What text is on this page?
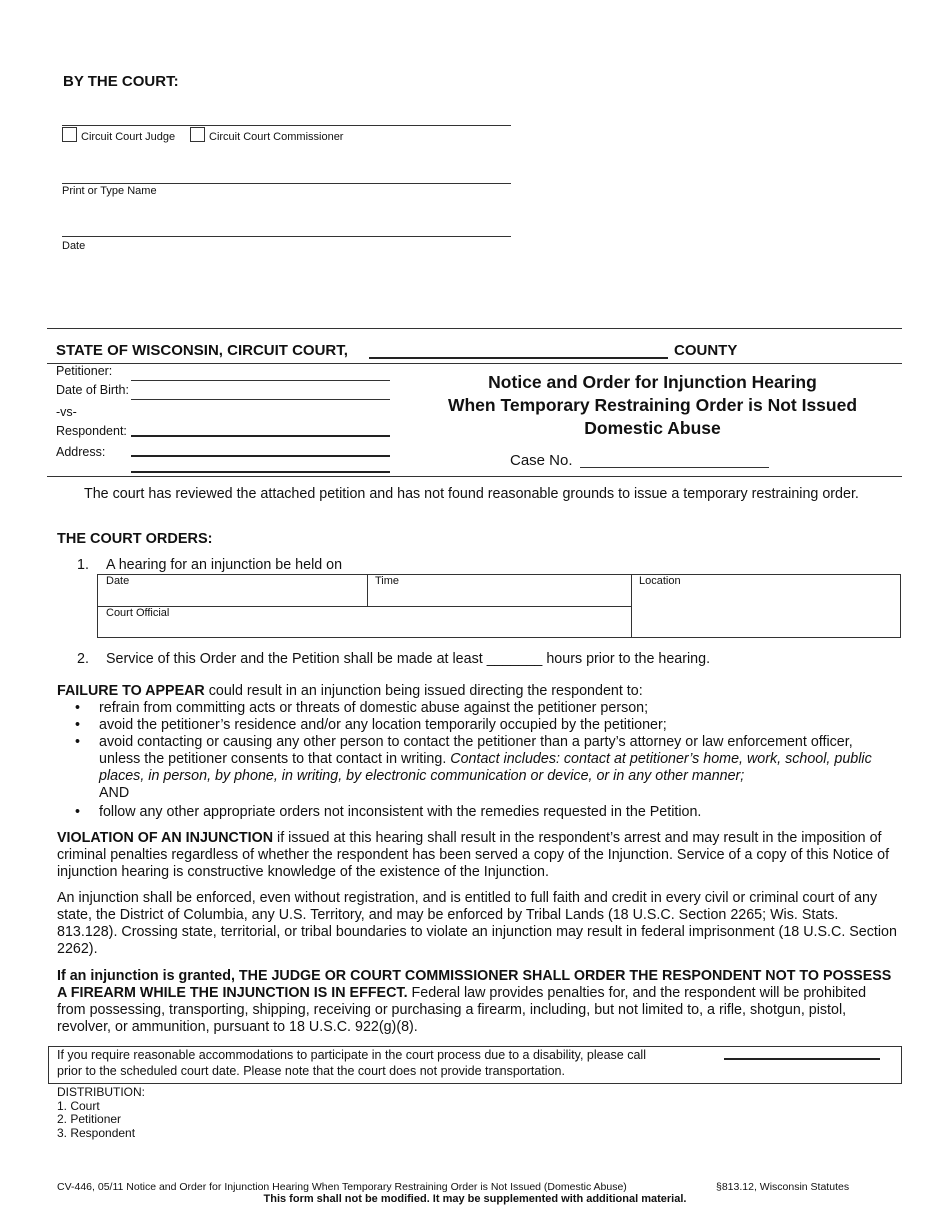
BY THE COURT:
Circuit Court Judge	Circuit Court Commissioner
Print or Type Name
Date
STATE OF WISCONSIN, CIRCUIT COURT,	COUNTY
Petitioner:
Date of Birth:
-vs-
Respondent:
Address:
Notice and Order for Injunction Hearing
When Temporary Restraining Order is Not Issued
Domestic Abuse
Case No.
The court has reviewed the attached petition and has not found reasonable grounds to issue a temporary restraining order.
THE COURT ORDERS:
1. A hearing for an injunction be held on
Date	Time	Location
Court Official
2. Service of this Order and the Petition shall be made at least _______ hours prior to the hearing.

FAILURE TO APPEAR could result in an injunction being issued directing the respondent to:

• refrain from committing acts or threats of domestic abuse against the petitioner person;
• avoid the petitioner’s residence and/or any location temporarily occupied by the petitioner;
• avoid contacting or causing any other person to contact the petitioner than a party’s attorney or law enforcement officer, unless the petitioner consents to that contact in writing. Contact includes: contact at petitioner’s home, work, school, public places, in person, by phone, in writing, by electronic communication or device, or in any other manner;
AND
• follow any other appropriate orders not inconsistent with the remedies requested in the Petition.
VIOLATION OF AN INJUNCTION if issued at this hearing shall result in the respondent’s arrest and may result in the imposition of criminal penalties regardless of whether the respondent has been served a copy of the Injunction. Service of a copy of this Notice of injunction hearing is constructive knowledge of the existence of the Injunction.
An injunction shall be enforced, even without registration, and is entitled to full faith and credit in every civil or criminal court of any state, the District of Columbia, any U.S. Territory, and may be enforced by Tribal Lands (18 U.S.C. Section 2265; Wis. Stats. 813.128). Crossing state, territorial, or tribal boundaries to violate an injunction may result in federal imprisonment (18 U.S.C. Section 2262).
If an injunction is granted, THE JUDGE OR COURT COMMISSIONER SHALL ORDER THE RESPONDENT NOT TO POSSESS A FIREARM WHILE THE INJUNCTION IS IN EFFECT. Federal law provides penalties for, and the respondent will be prohibited from possessing, transporting, shipping, receiving or purchasing a firearm, including, but not limited to, a rifle, shotgun, pistol, revolver, or ammunition, pursuant to 18 U.S.C. 922(g)(8).
If you require reasonable accommodations to participate in the court process due to a disability, please call
prior to the scheduled court date. Please note that the court does not provide transportation.
DISTRIBUTION:
1. Court
2. Petitioner
3. Respondent
CV-446, 05/11 Notice and Order for Injunction Hearing When Temporary Restraining Order is Not Issued (Domestic Abuse)	§813.12, Wisconsin Statutes
This form shall not be modified. It may be supplemented with additional material.
